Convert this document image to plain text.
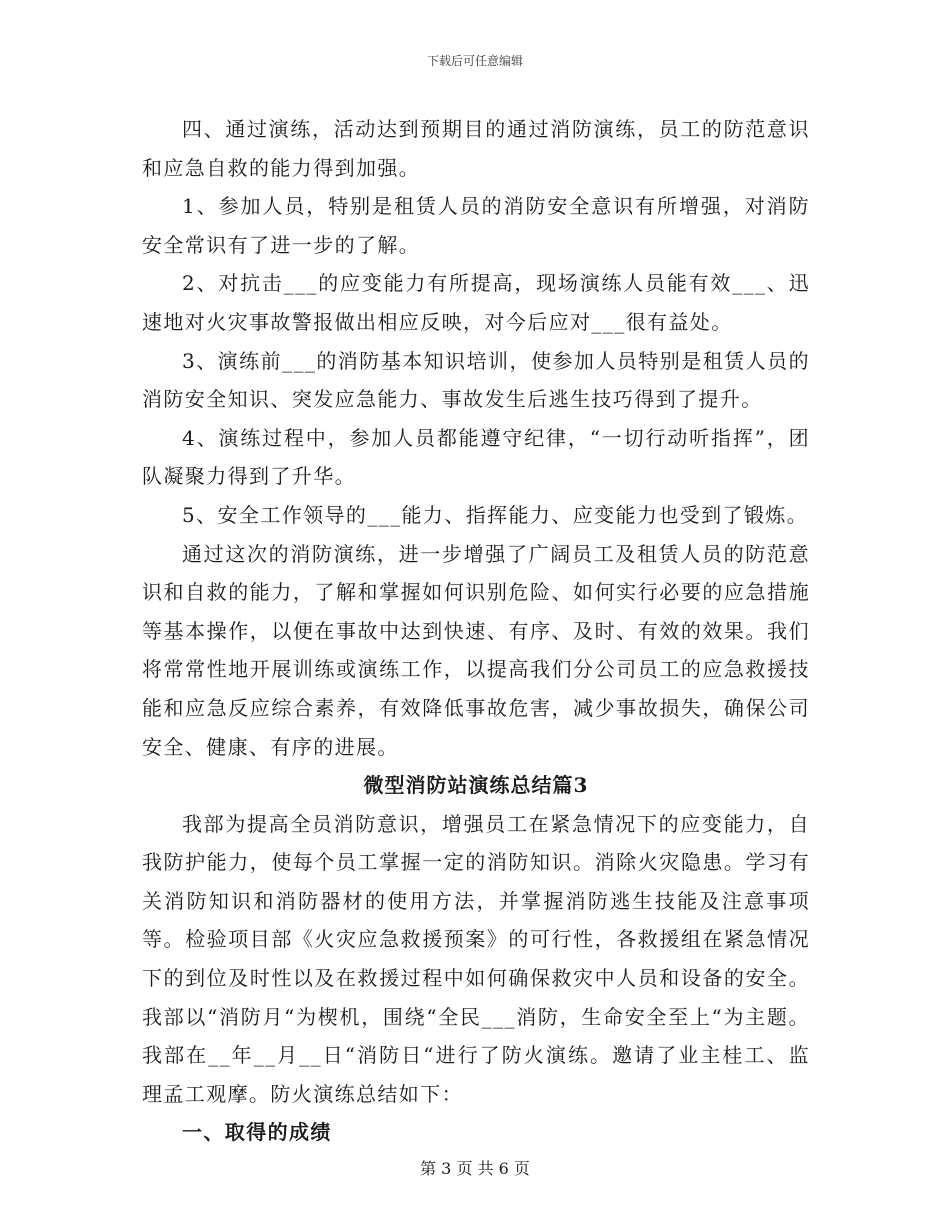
下载后可任意编辑

四、通过演练，活动达到预期目的通过消防演练，员工的防范意识和应急自救的能力得到加强。

1、参加人员，特别是租赁人员的消防安全意识有所增强，对消防安全常识有了进一步的了解。

2、对抗击___的应变能力有所提高，现场演练人员能有效___、迅速地对火灾事故警报做出相应反映，对今后应对___很有益处。

3、演练前___的消防基本知识培训，使参加人员特别是租赁人员的消防安全知识、突发应急能力、事故发生后逃生技巧得到了提升。

4、演练过程中，参加人员都能遵守纪律，“一切行动听指挥”，团队凝聚力得到了升华。

5、安全工作领导的___能力、指挥能力、应变能力也受到了锻炼。

通过这次的消防演练，进一步增强了广阔员工及租赁人员的防范意识和自救的能力，了解和掌握如何识别危险、如何实行必要的应急措施等基本操作，以便在事故中达到快速、有序、及时、有效的效果。我们将常常性地开展训练或演练工作，以提高我们分公司员工的应急救援技能和应急反应综合素养，有效降低事故危害，减少事故损失，确保公司安全、健康、有序的进展。

微型消防站演练总结篇3

我部为提高全员消防意识，增强员工在紧急情况下的应变能力，自我防护能力，使每个员工掌握一定的消防知识。消除火灾隐患。学习有关消防知识和消防器材的使用方法，并掌握消防逃生技能及注意事项等。检验项目部《火灾应急救援预案》的可行性，各救援组在紧急情况下的到位及时性以及在救援过程中如何确保救灾中人员和设备的安全。我部以“消防月“为楔机，围绕“全民___消防，生命安全至上“为主题。我部在__年__月__日“消防日“进行了防火演练。邀请了业主桂工、监理孟工观摩。防火演练总结如下：

一、取得的成绩

第 3 页 共 6 页
